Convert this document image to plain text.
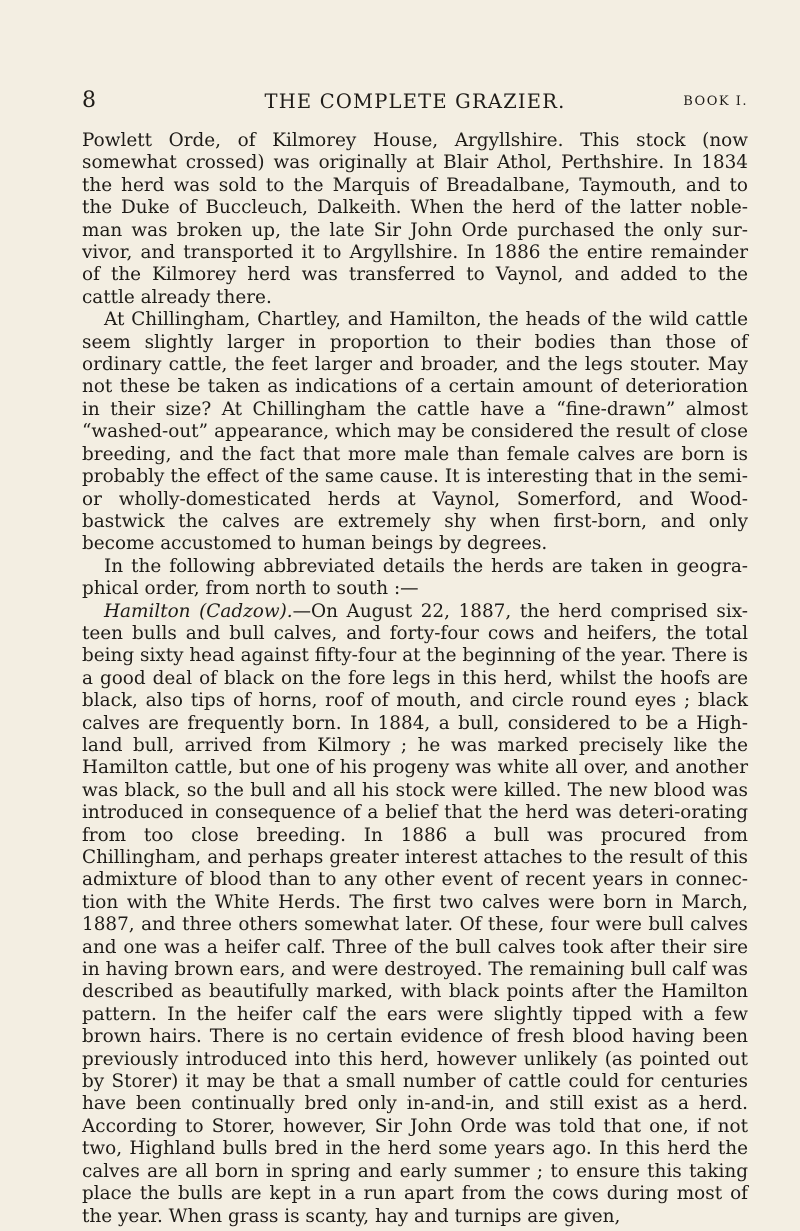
8	THE COMPLETE GRAZIER.	BOOK I.

Powlett Orde, of Kilmorey House, Argyllshire. This stock (now somewhat crossed) was originally at Blair Athol, Perthshire. In 1834 the herd was sold to the Marquis of Breadalbane, Taymouth, and to the Duke of Buccleuch, Dalkeith. When the herd of the latter noble-man was broken up, the late Sir John Orde purchased the only sur-vivor, and transported it to Argyllshire. In 1886 the entire remainder of the Kilmorey herd was transferred to Vaynol, and added to the cattle already there.

At Chillingham, Chartley, and Hamilton, the heads of the wild cattle seem slightly larger in proportion to their bodies than those of ordinary cattle, the feet larger and broader, and the legs stouter. May not these be taken as indications of a certain amount of deterioration in their size? At Chillingham the cattle have a “fine-drawn” almost “washed-out” appearance, which may be considered the result of close breeding, and the fact that more male than female calves are born is probably the effect of the same cause. It is interesting that in the semi- or wholly-domesticated herds at Vaynol, Somerford, and Wood-bastwick the calves are extremely shy when first-born, and only become accustomed to human beings by degrees.

In the following abbreviated details the herds are taken in geogra-phical order, from north to south :—

Hamilton (Cadzow).—On August 22, 1887, the herd comprised six-teen bulls and bull calves, and forty-four cows and heifers, the total being sixty head against fifty-four at the beginning of the year. There is a good deal of black on the fore legs in this herd, whilst the hoofs are black, also tips of horns, roof of mouth, and circle round eyes ; black calves are frequently born. In 1884, a bull, considered to be a High-land bull, arrived from Kilmory ; he was marked precisely like the Hamilton cattle, but one of his progeny was white all over, and another was black, so the bull and all his stock were killed. The new blood was introduced in consequence of a belief that the herd was deteri-orating from too close breeding. In 1886 a bull was procured from Chillingham, and perhaps greater interest attaches to the result of this admixture of blood than to any other event of recent years in connec-tion with the White Herds. The first two calves were born in March, 1887, and three others somewhat later. Of these, four were bull calves and one was a heifer calf. Three of the bull calves took after their sire in having brown ears, and were destroyed. The remaining bull calf was described as beautifully marked, with black points after the Hamilton pattern. In the heifer calf the ears were slightly tipped with a few brown hairs. There is no certain evidence of fresh blood having been previously introduced into this herd, however unlikely (as pointed out by Storer) it may be that a small number of cattle could for centuries have been continually bred only in-and-in, and still exist as a herd. According to Storer, however, Sir John Orde was told that one, if not two, Highland bulls bred in the herd some years ago. In this herd the calves are all born in spring and early summer ; to ensure this taking place the bulls are kept in a run apart from the cows during most of the year. When grass is scanty, hay and turnips are given,
